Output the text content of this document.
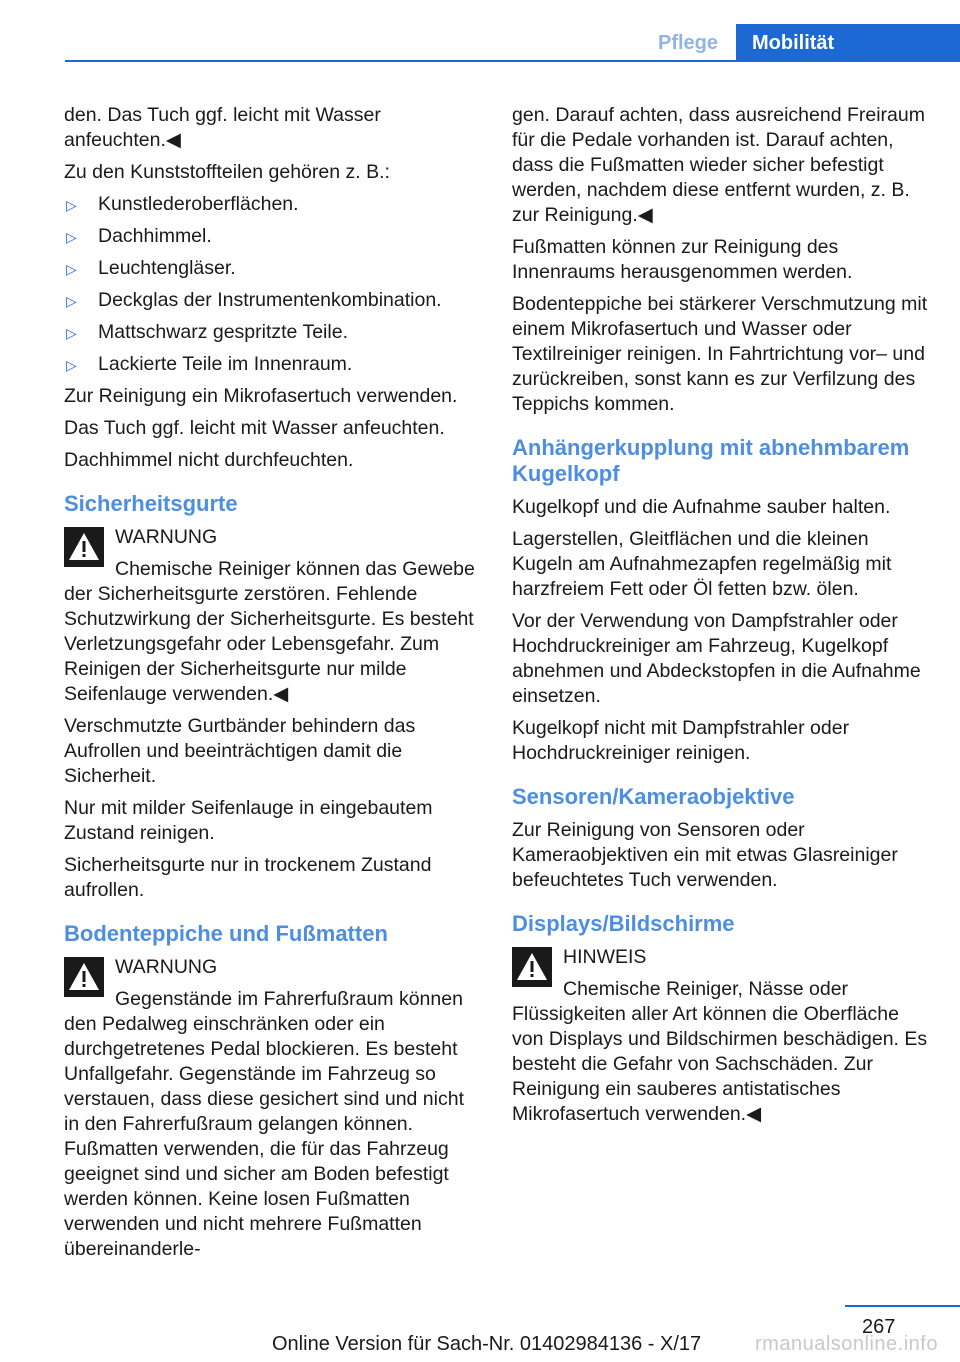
Pflege	Mobilität

den. Das Tuch ggf. leicht mit Wasser anfeuchten.◀

Zu den Kunststoffteilen gehören z. B.:

▷ Kunstlederoberflächen.
▷ Dachhimmel.
▷ Leuchtengläser.
▷ Deckglas der Instrumentenkombination.
▷ Mattschwarz gespritzte Teile.
▷ Lackierte Teile im Innenraum.

Zur Reinigung ein Mikrofasertuch verwenden.

Das Tuch ggf. leicht mit Wasser anfeuchten.

Dachhimmel nicht durchfeuchten.

Sicherheitsgurte
WARNUNG
Chemische Reiniger können das Gewebe der Sicherheitsgurte zerstören. Fehlende Schutzwirkung der Sicherheitsgurte. Es besteht Verletzungsgefahr oder Lebensgefahr. Zum Reinigen der Sicherheitsgurte nur milde Seifenlauge verwenden.◀

Verschmutzte Gurtbänder behindern das Aufrollen und beeinträchtigen damit die Sicherheit.

Nur mit milder Seifenlauge in eingebautem Zustand reinigen.

Sicherheitsgurte nur in trockenem Zustand aufrollen.

Bodenteppiche und Fußmatten
WARNUNG
Gegenstände im Fahrerfußraum können den Pedalweg einschränken oder ein durchgetretenes Pedal blockieren. Es besteht Unfallgefahr. Gegenstände im Fahrzeug so verstauen, dass diese gesichert sind und nicht in den Fahrerfußraum gelangen können. Fußmatten verwenden, die für das Fahrzeug geeignet sind und sicher am Boden befestigt werden können. Keine losen Fußmatten verwenden und nicht mehrere Fußmatten übereinanderle-

gen. Darauf achten, dass ausreichend Freiraum für die Pedale vorhanden ist. Darauf achten, dass die Fußmatten wieder sicher befestigt werden, nachdem diese entfernt wurden, z. B. zur Reinigung.◀

Fußmatten können zur Reinigung des Innenraums herausgenommen werden.

Bodenteppiche bei stärkerer Verschmutzung mit einem Mikrofasertuch und Wasser oder Textilreiniger reinigen. In Fahrtrichtung vor– und zurückreiben, sonst kann es zur Verfilzung des Teppichs kommen.

Anhängerkupplung mit abnehmbarem Kugelkopf

Kugelkopf und die Aufnahme sauber halten.

Lagerstellen, Gleitflächen und die kleinen Kugeln am Aufnahmezapfen regelmäßig mit harzfreiem Fett oder Öl fetten bzw. ölen.

Vor der Verwendung von Dampfstrahler oder Hochdruckreiniger am Fahrzeug, Kugelkopf abnehmen und Abdeckstopfen in die Aufnahme einsetzen.

Kugelkopf nicht mit Dampfstrahler oder Hochdruckreiniger reinigen.

Sensoren/Kameraobjektive

Zur Reinigung von Sensoren oder Kameraobjektiven ein mit etwas Glasreiniger befeuchtetes Tuch verwenden.

Displays/Bildschirme
HINWEIS
Chemische Reiniger, Nässe oder Flüssigkeiten aller Art können die Oberfläche von Displays und Bildschirmen beschädigen. Es besteht die Gefahr von Sachschäden. Zur Reinigung ein sauberes antistatisches Mikrofasertuch verwenden.◀
267
Online Version für Sach-Nr. 01402984136 - X/17	rmanualsonline.info
